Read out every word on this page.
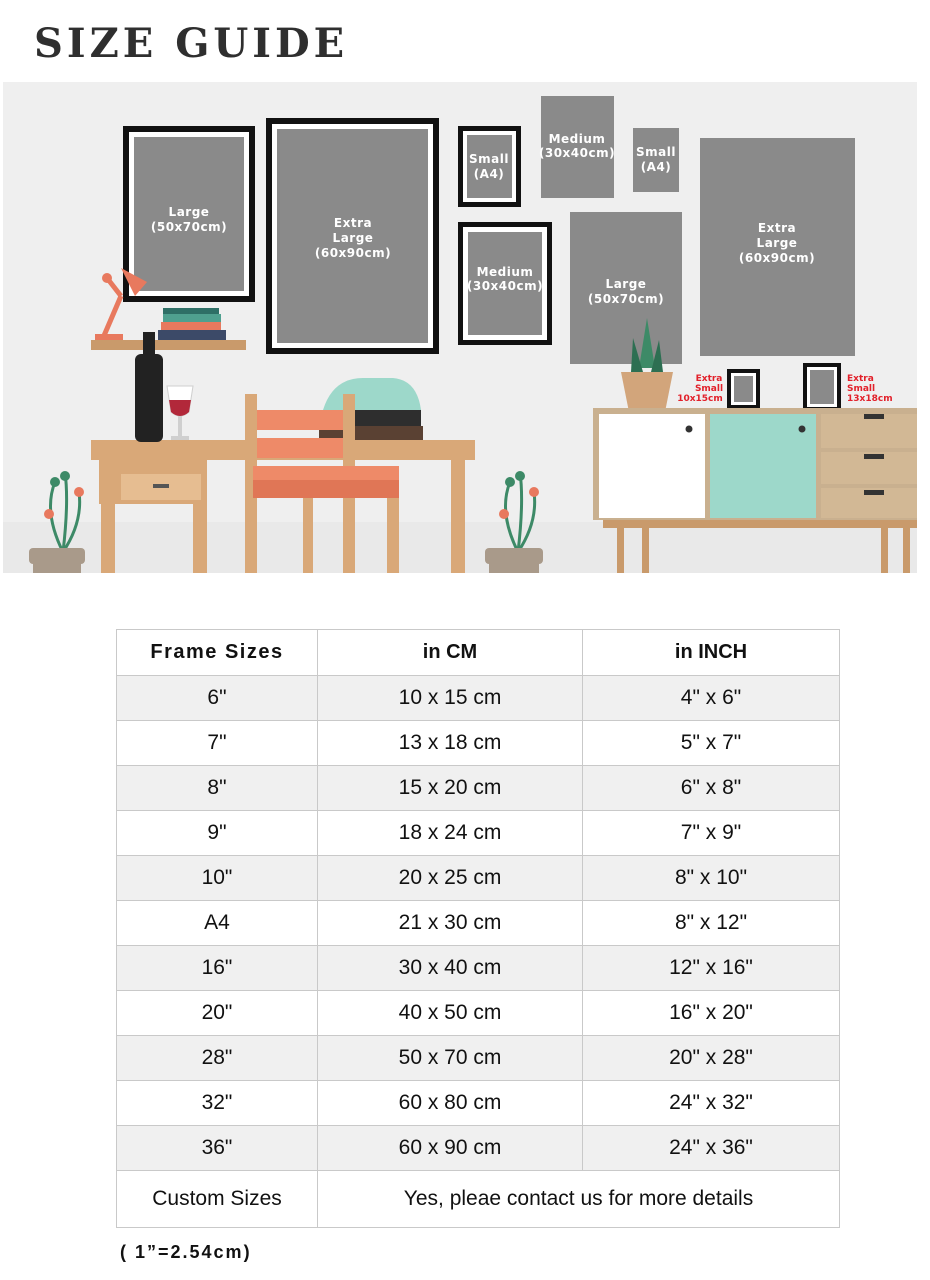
SIZE GUIDE
Large
(50x70cm)	Extra
Large
(60x90cm)
Small
(A4)
Medium
(30x40cm)
Medium
(30x40cm)
Small
(A4)
Large
(50x70cm)
Extra
Large
(60x90cm)
Extra
Small
10x15cm
Extra
Small
13x18cm
Frame Sizes	in CM	in INCH
6"	10 x 15 cm	4" x 6"
7"	13 x 18 cm	5" x 7"
8"	15 x 20 cm	6" x 8"
9"	18 x 24 cm	7" x 9"
10"	20 x 25 cm	8" x 10"
A4	21 x 30 cm	8" x 12"
16"	30 x 40 cm	12" x 16"
20"	40 x 50 cm	16" x 20"
28"	50 x 70 cm	20" x 28"
32"	60 x 80 cm	24" x 32"
36"	60 x 90 cm	24" x 36"
Custom Sizes	Yes, pleae contact us for more details	
( 1”=2.54cm)
